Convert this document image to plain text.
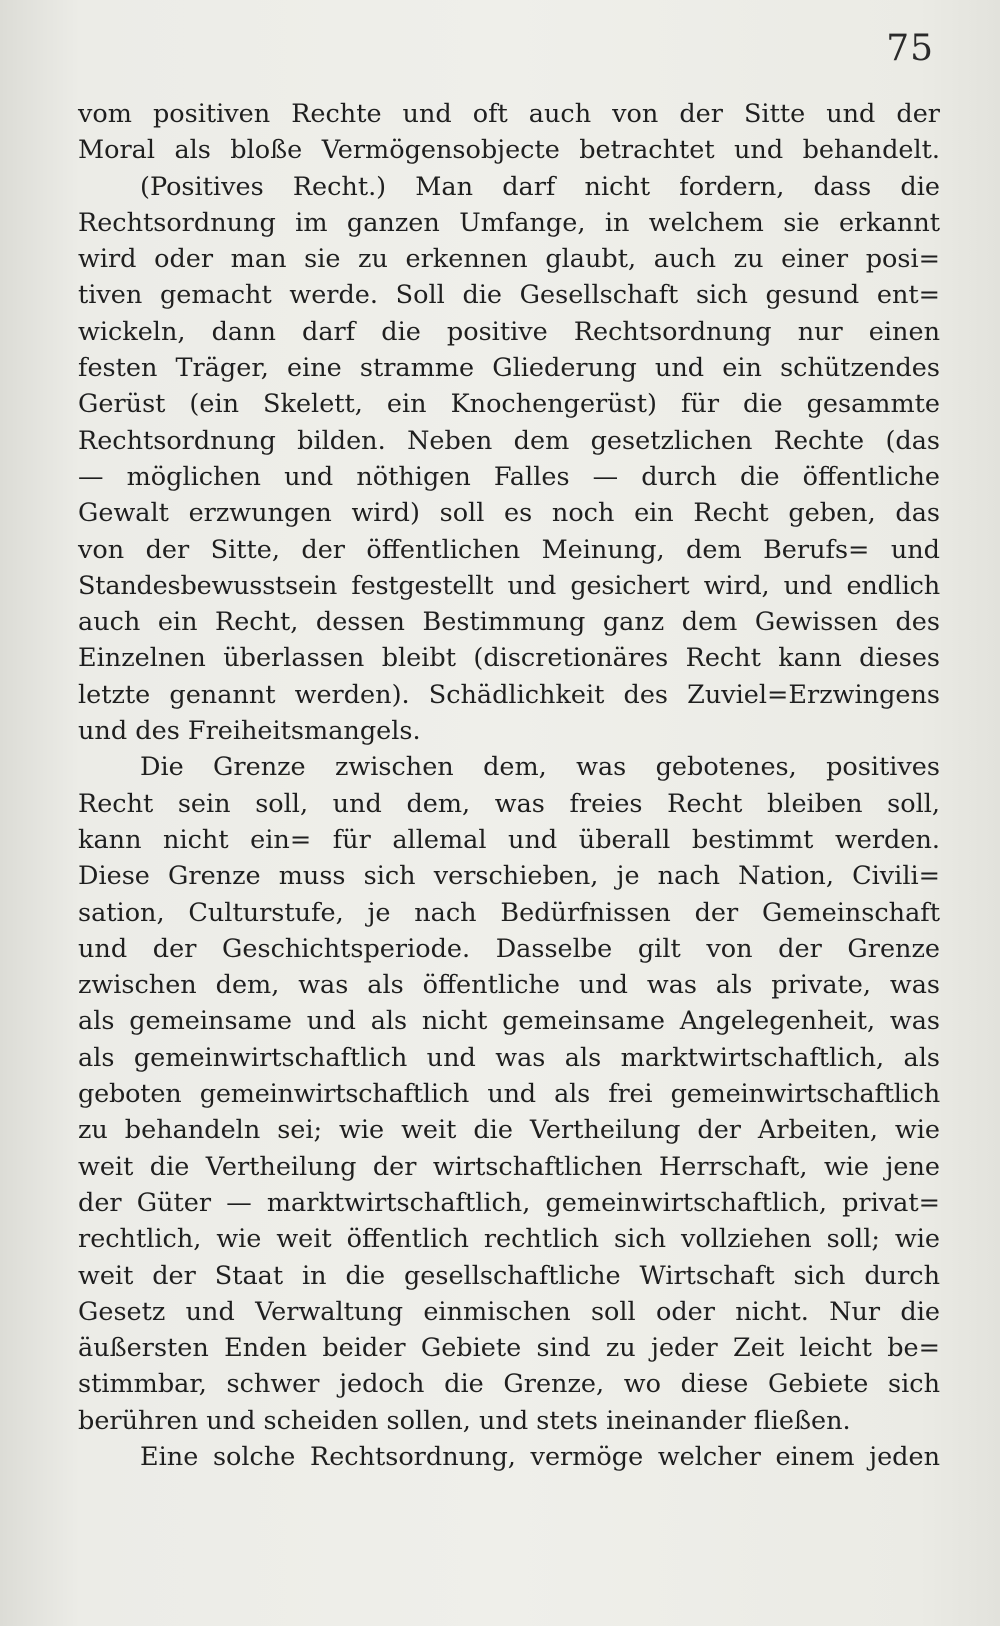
75
vom positiven Rechte und oft auch von der Sitte und der
Moral als bloße Vermögensobjecte betrachtet und behandelt.
(Positives Recht.) Man darf nicht fordern, dass die
Rechtsordnung im ganzen Umfange, in welchem sie erkannt
wird oder man sie zu erkennen glaubt, auch zu einer posi=
tiven gemacht werde. Soll die Gesellschaft sich gesund ent=
wickeln, dann darf die positive Rechtsordnung nur einen
festen Träger, eine stramme Gliederung und ein schützendes
Gerüst (ein Skelett, ein Knochengerüst) für die gesammte
Rechtsordnung bilden. Neben dem gesetzlichen Rechte (das
— möglichen und nöthigen Falles — durch die öffentliche
Gewalt erzwungen wird) soll es noch ein Recht geben, das
von der Sitte, der öffentlichen Meinung, dem Berufs= und
Standesbewusstsein festgestellt und gesichert wird, und endlich
auch ein Recht, dessen Bestimmung ganz dem Gewissen des
Einzelnen überlassen bleibt (discretionäres Recht kann dieses
letzte genannt werden). Schädlichkeit des Zuviel=Erzwingens
und des Freiheitsmangels.
Die Grenze zwischen dem, was gebotenes, positives
Recht sein soll, und dem, was freies Recht bleiben soll,
kann nicht ein= für allemal und überall bestimmt werden.
Diese Grenze muss sich verschieben, je nach Nation, Civili=
sation, Culturstufe, je nach Bedürfnissen der Gemeinschaft
und der Geschichtsperiode. Dasselbe gilt von der Grenze
zwischen dem, was als öffentliche und was als private, was
als gemeinsame und als nicht gemeinsame Angelegenheit, was
als gemeinwirtschaftlich und was als marktwirtschaftlich, als
geboten gemeinwirtschaftlich und als frei gemeinwirtschaftlich
zu behandeln sei; wie weit die Vertheilung der Arbeiten, wie
weit die Vertheilung der wirtschaftlichen Herrschaft, wie jene
der Güter — marktwirtschaftlich, gemeinwirtschaftlich, privat=
rechtlich, wie weit öffentlich rechtlich sich vollziehen soll; wie
weit der Staat in die gesellschaftliche Wirtschaft sich durch
Gesetz und Verwaltung einmischen soll oder nicht. Nur die
äußersten Enden beider Gebiete sind zu jeder Zeit leicht be=
stimmbar, schwer jedoch die Grenze, wo diese Gebiete sich
berühren und scheiden sollen, und stets ineinander fließen.
Eine solche Rechtsordnung, vermöge welcher einem jeden
